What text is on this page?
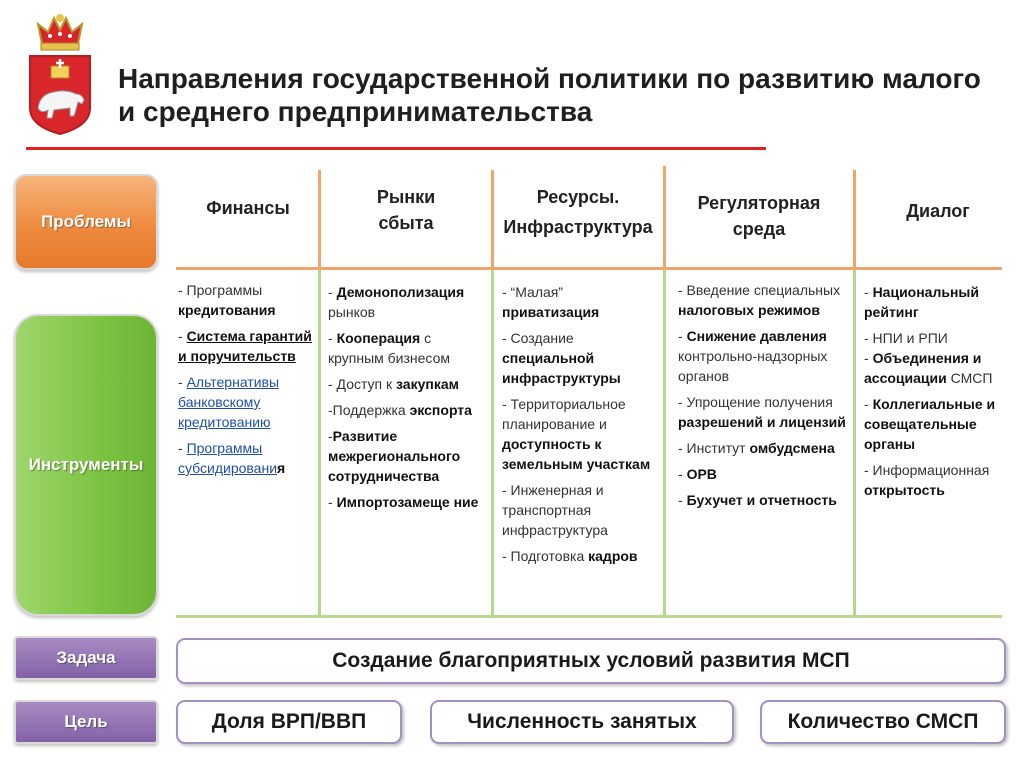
Направления государственной политики по развитию малого и среднего предпринимательства
Проблемы
Инструменты
Задача
Цель
Финансы
Рынки
сбыта
Ресурсы.
Инфраструктура
Регуляторная
среда
Диалог

- Программы
кредитования

- Система гарантий и поручительств

- Альтернативы банковскому кредитованию

- Программы субсидирования

- Демонополизация рынков

- Кооперация с крупным бизнесом

- Доступ к закупкам

-Поддержка экспорта

-Развитие межрегионального сотрудничества

- Импортозамеще ние

- “Малая”
приватизация

- Создание специальной инфраструктуры

- Территориальное планирование и доступность к земельным участкам

- Инженерная и транспортная инфраструктура

- Подготовка кадров

- Введение специальных налоговых режимов

- Снижение давления контрольно-надзорных органов

- Упрощение получения разрешений и лицензий

- Институт омбудсмена

- ОРВ

- Бухучет и отчетность

- Национальный рейтинг

- НПИ и РПИ

- Объединения и ассоциации СМСП

- Коллегиальные и совещательные органы

- Информационная открытость

Создание благоприятных условий развития МСП
Доля ВРП/ВВП	Численность занятых	Количество СМСП
